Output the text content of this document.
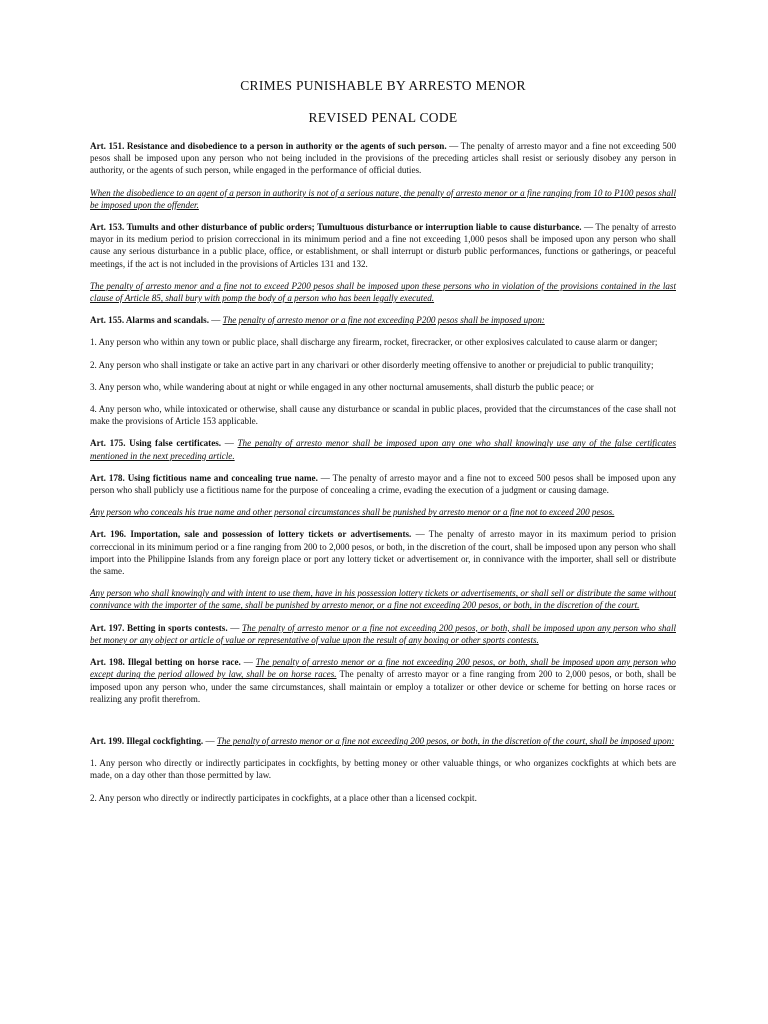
CRIMES PUNISHABLE BY ARRESTO MENOR
REVISED PENAL CODE

Art. 151. Resistance and disobedience to a person in authority or the agents of such person. — The penalty of arresto mayor and a fine not exceeding 500 pesos shall be imposed upon any person who not being included in the provisions of the preceding articles shall resist or seriously disobey any person in authority, or the agents of such person, while engaged in the performance of official duties.

When the disobedience to an agent of a person in authority is not of a serious nature, the penalty of arresto menor or a fine ranging from 10 to P100 pesos shall be imposed upon the offender.

Art. 153. Tumults and other disturbance of public orders; Tumultuous disturbance or interruption liable to cause disturbance. — The penalty of arresto mayor in its medium period to prision correccional in its minimum period and a fine not exceeding 1,000 pesos shall be imposed upon any person who shall cause any serious disturbance in a public place, office, or establishment, or shall interrupt or disturb public performances, functions or gatherings, or peaceful meetings, if the act is not included in the provisions of Articles 131 and 132.

The penalty of arresto menor and a fine not to exceed P200 pesos shall be imposed upon these persons who in violation of the provisions contained in the last clause of Article 85, shall bury with pomp the body of a person who has been legally executed.

Art. 155. Alarms and scandals. — The penalty of arresto menor or a fine not exceeding P200 pesos shall be imposed upon:

1. Any person who within any town or public place, shall discharge any firearm, rocket, firecracker, or other explosives calculated to cause alarm or danger;

2. Any person who shall instigate or take an active part in any charivari or other disorderly meeting offensive to another or prejudicial to public tranquility;

3. Any person who, while wandering about at night or while engaged in any other nocturnal amusements, shall disturb the public peace; or

4. Any person who, while intoxicated or otherwise, shall cause any disturbance or scandal in public places, provided that the circumstances of the case shall not make the provisions of Article 153 applicable.

Art. 175. Using false certificates. — The penalty of arresto menor shall be imposed upon any one who shall knowingly use any of the false certificates mentioned in the next preceding article.

Art. 178. Using fictitious name and concealing true name. — The penalty of arresto mayor and a fine not to exceed 500 pesos shall be imposed upon any person who shall publicly use a fictitious name for the purpose of concealing a crime, evading the execution of a judgment or causing damage.

Any person who conceals his true name and other personal circumstances shall be punished by arresto menor or a fine not to exceed 200 pesos.

Art. 196. Importation, sale and possession of lottery tickets or advertisements. — The penalty of arresto mayor in its maximum period to prision correccional in its minimum period or a fine ranging from 200 to 2,000 pesos, or both, in the discretion of the court, shall be imposed upon any person who shall import into the Philippine Islands from any foreign place or port any lottery ticket or advertisement or, in connivance with the importer, shall sell or distribute the same.

Any person who shall knowingly and with intent to use them, have in his possession lottery tickets or advertisements, or shall sell or distribute the same without connivance with the importer of the same, shall be punished by arresto menor, or a fine not exceeding 200 pesos, or both, in the discretion of the court.

Art. 197. Betting in sports contests. — The penalty of arresto menor or a fine not exceeding 200 pesos, or both, shall be imposed upon any person who shall bet money or any object or article of value or representative of value upon the result of any boxing or other sports contests.

Art. 198. Illegal betting on horse race. — The penalty of arresto menor or a fine not exceeding 200 pesos, or both, shall be imposed upon any person who except during the period allowed by law, shall be on horse races. The penalty of arresto mayor or a fine ranging from 200 to 2,000 pesos, or both, shall be imposed upon any person who, under the same circumstances, shall maintain or employ a totalizer or other device or scheme for betting on horse races or realizing any profit therefrom.

Art. 199. Illegal cockfighting. — The penalty of arresto menor or a fine not exceeding 200 pesos, or both, in the discretion of the court, shall be imposed upon:

1. Any person who directly or indirectly participates in cockfights, by betting money or other valuable things, or who organizes cockfights at which bets are made, on a day other than those permitted by law.

2. Any person who directly or indirectly participates in cockfights, at a place other than a licensed cockpit.
